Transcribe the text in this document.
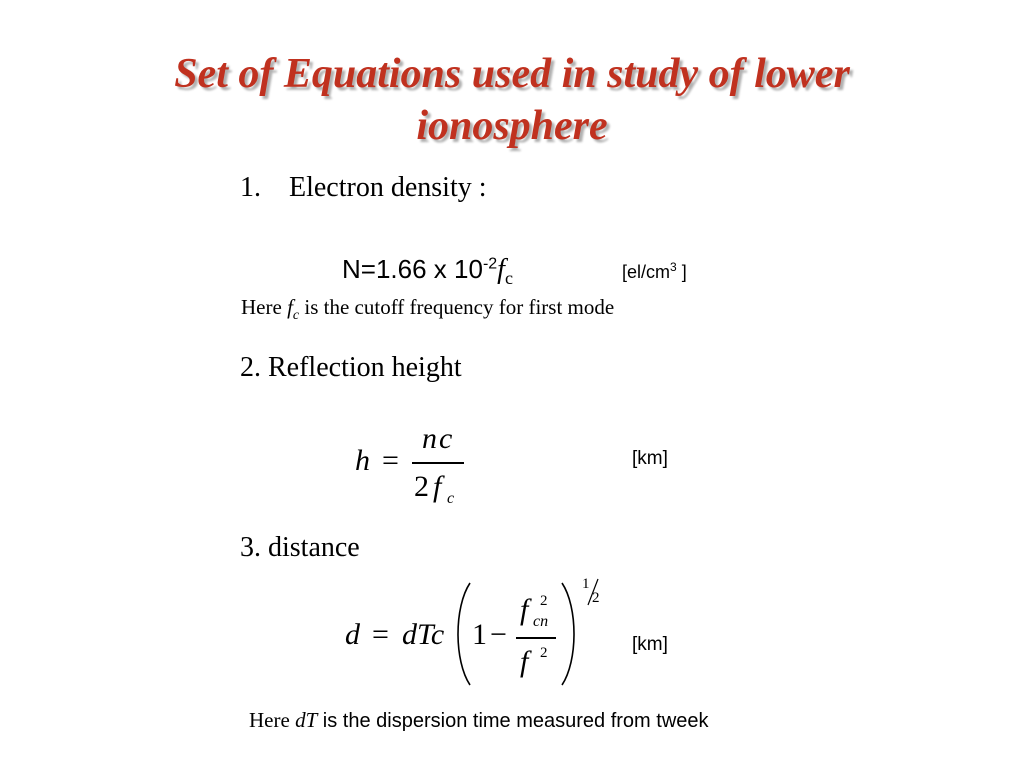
Set of Equations used in study of lower
ionosphere
1. Electron density :
N=1.66 x $10^{-2}f_c$	[$el/cm^3$ ]
Here $f_c$ is the cutoff frequency for first mode
2. Reflection height
h =
nc
2 f c
[km]
3. distance
d = dTc 1 −
f 2
cn
f 2
1
2
[km]
Here dT is the dispersion time measured from tweek
